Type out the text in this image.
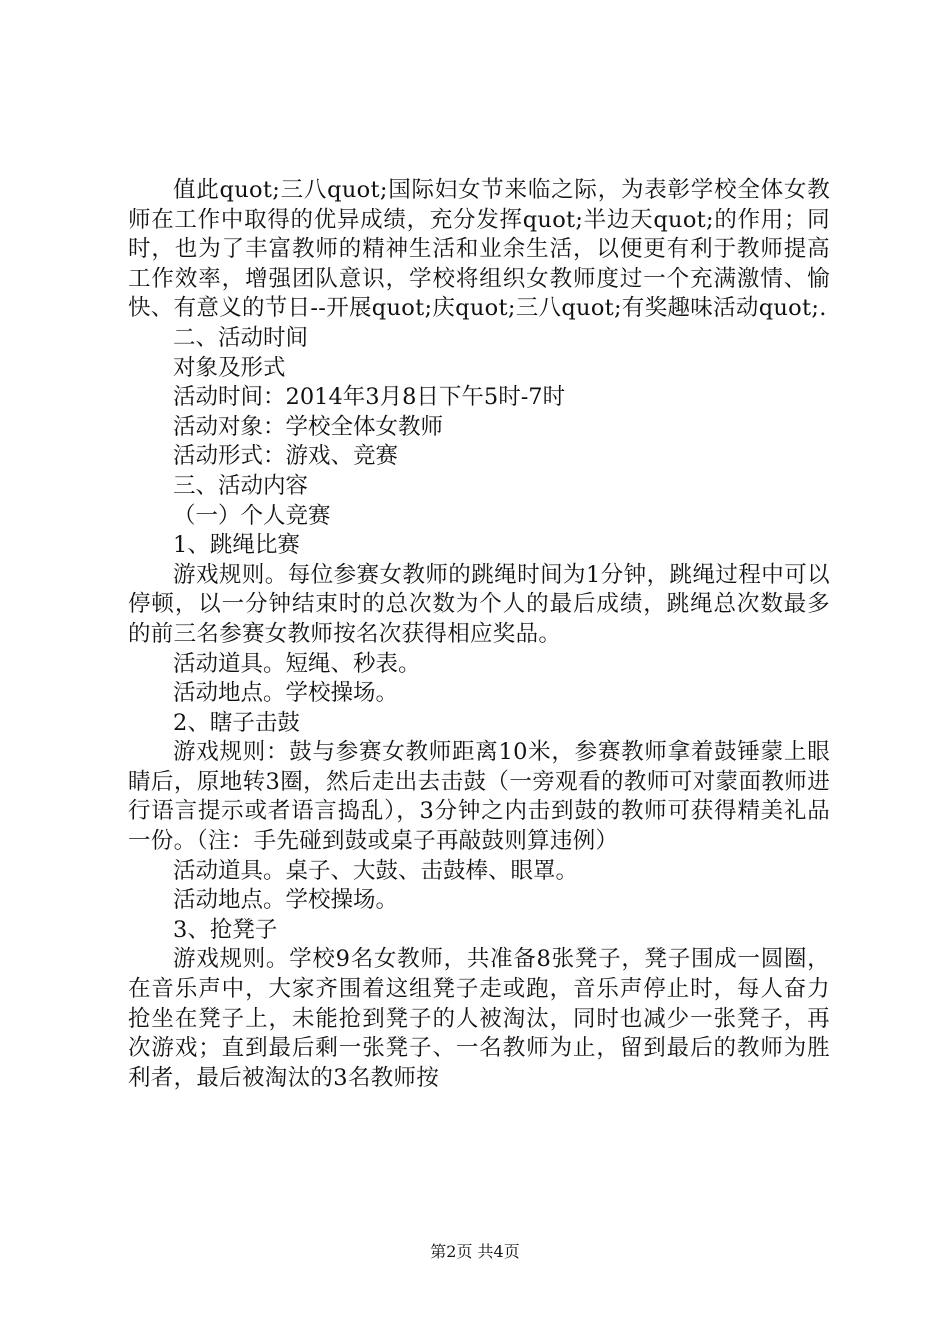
值此quot;三八quot;国际妇女节来临之际，为表彰学校全体女教师在工作中取得的优异成绩，充分发挥quot;半边天quot;的作用；同时，也为了丰富教师的精神生活和业余生活，以便更有利于教师提高工作效率，增强团队意识，学校将组织女教师度过一个充满激情、愉快、有意义的节日--开展quot;庆quot;三八quot;有奖趣味活动quot;.

二、活动时间

对象及形式

活动时间：2014年3月8日下午5时-7时

活动对象：学校全体女教师

活动形式：游戏、竞赛

三、活动内容

（一）个人竞赛

1、跳绳比赛

游戏规则。每位参赛女教师的跳绳时间为1分钟，跳绳过程中可以停顿，以一分钟结束时的总次数为个人的最后成绩，跳绳总次数最多的前三名参赛女教师按名次获得相应奖品。

活动道具。短绳、秒表。

活动地点。学校操场。

2、瞎子击鼓

游戏规则：鼓与参赛女教师距离10米，参赛教师拿着鼓锤蒙上眼睛后，原地转3圈，然后走出去击鼓（一旁观看的教师可对蒙面教师进行语言提示或者语言捣乱），3分钟之内击到鼓的教师可获得精美礼品一份。（注：手先碰到鼓或桌子再敲鼓则算违例）

活动道具。桌子、大鼓、击鼓棒、眼罩。

活动地点。学校操场。

3、抢凳子

游戏规则。学校9名女教师，共准备8张凳子，凳子围成一圆圈，在音乐声中，大家齐围着这组凳子走或跑，音乐声停止时，每人奋力抢坐在凳子上，未能抢到凳子的人被淘汰，同时也减少一张凳子，再次游戏；直到最后剩一张凳子、一名教师为止，留到最后的教师为胜利者，最后被淘汰的3名教师按

第2页 共4页
